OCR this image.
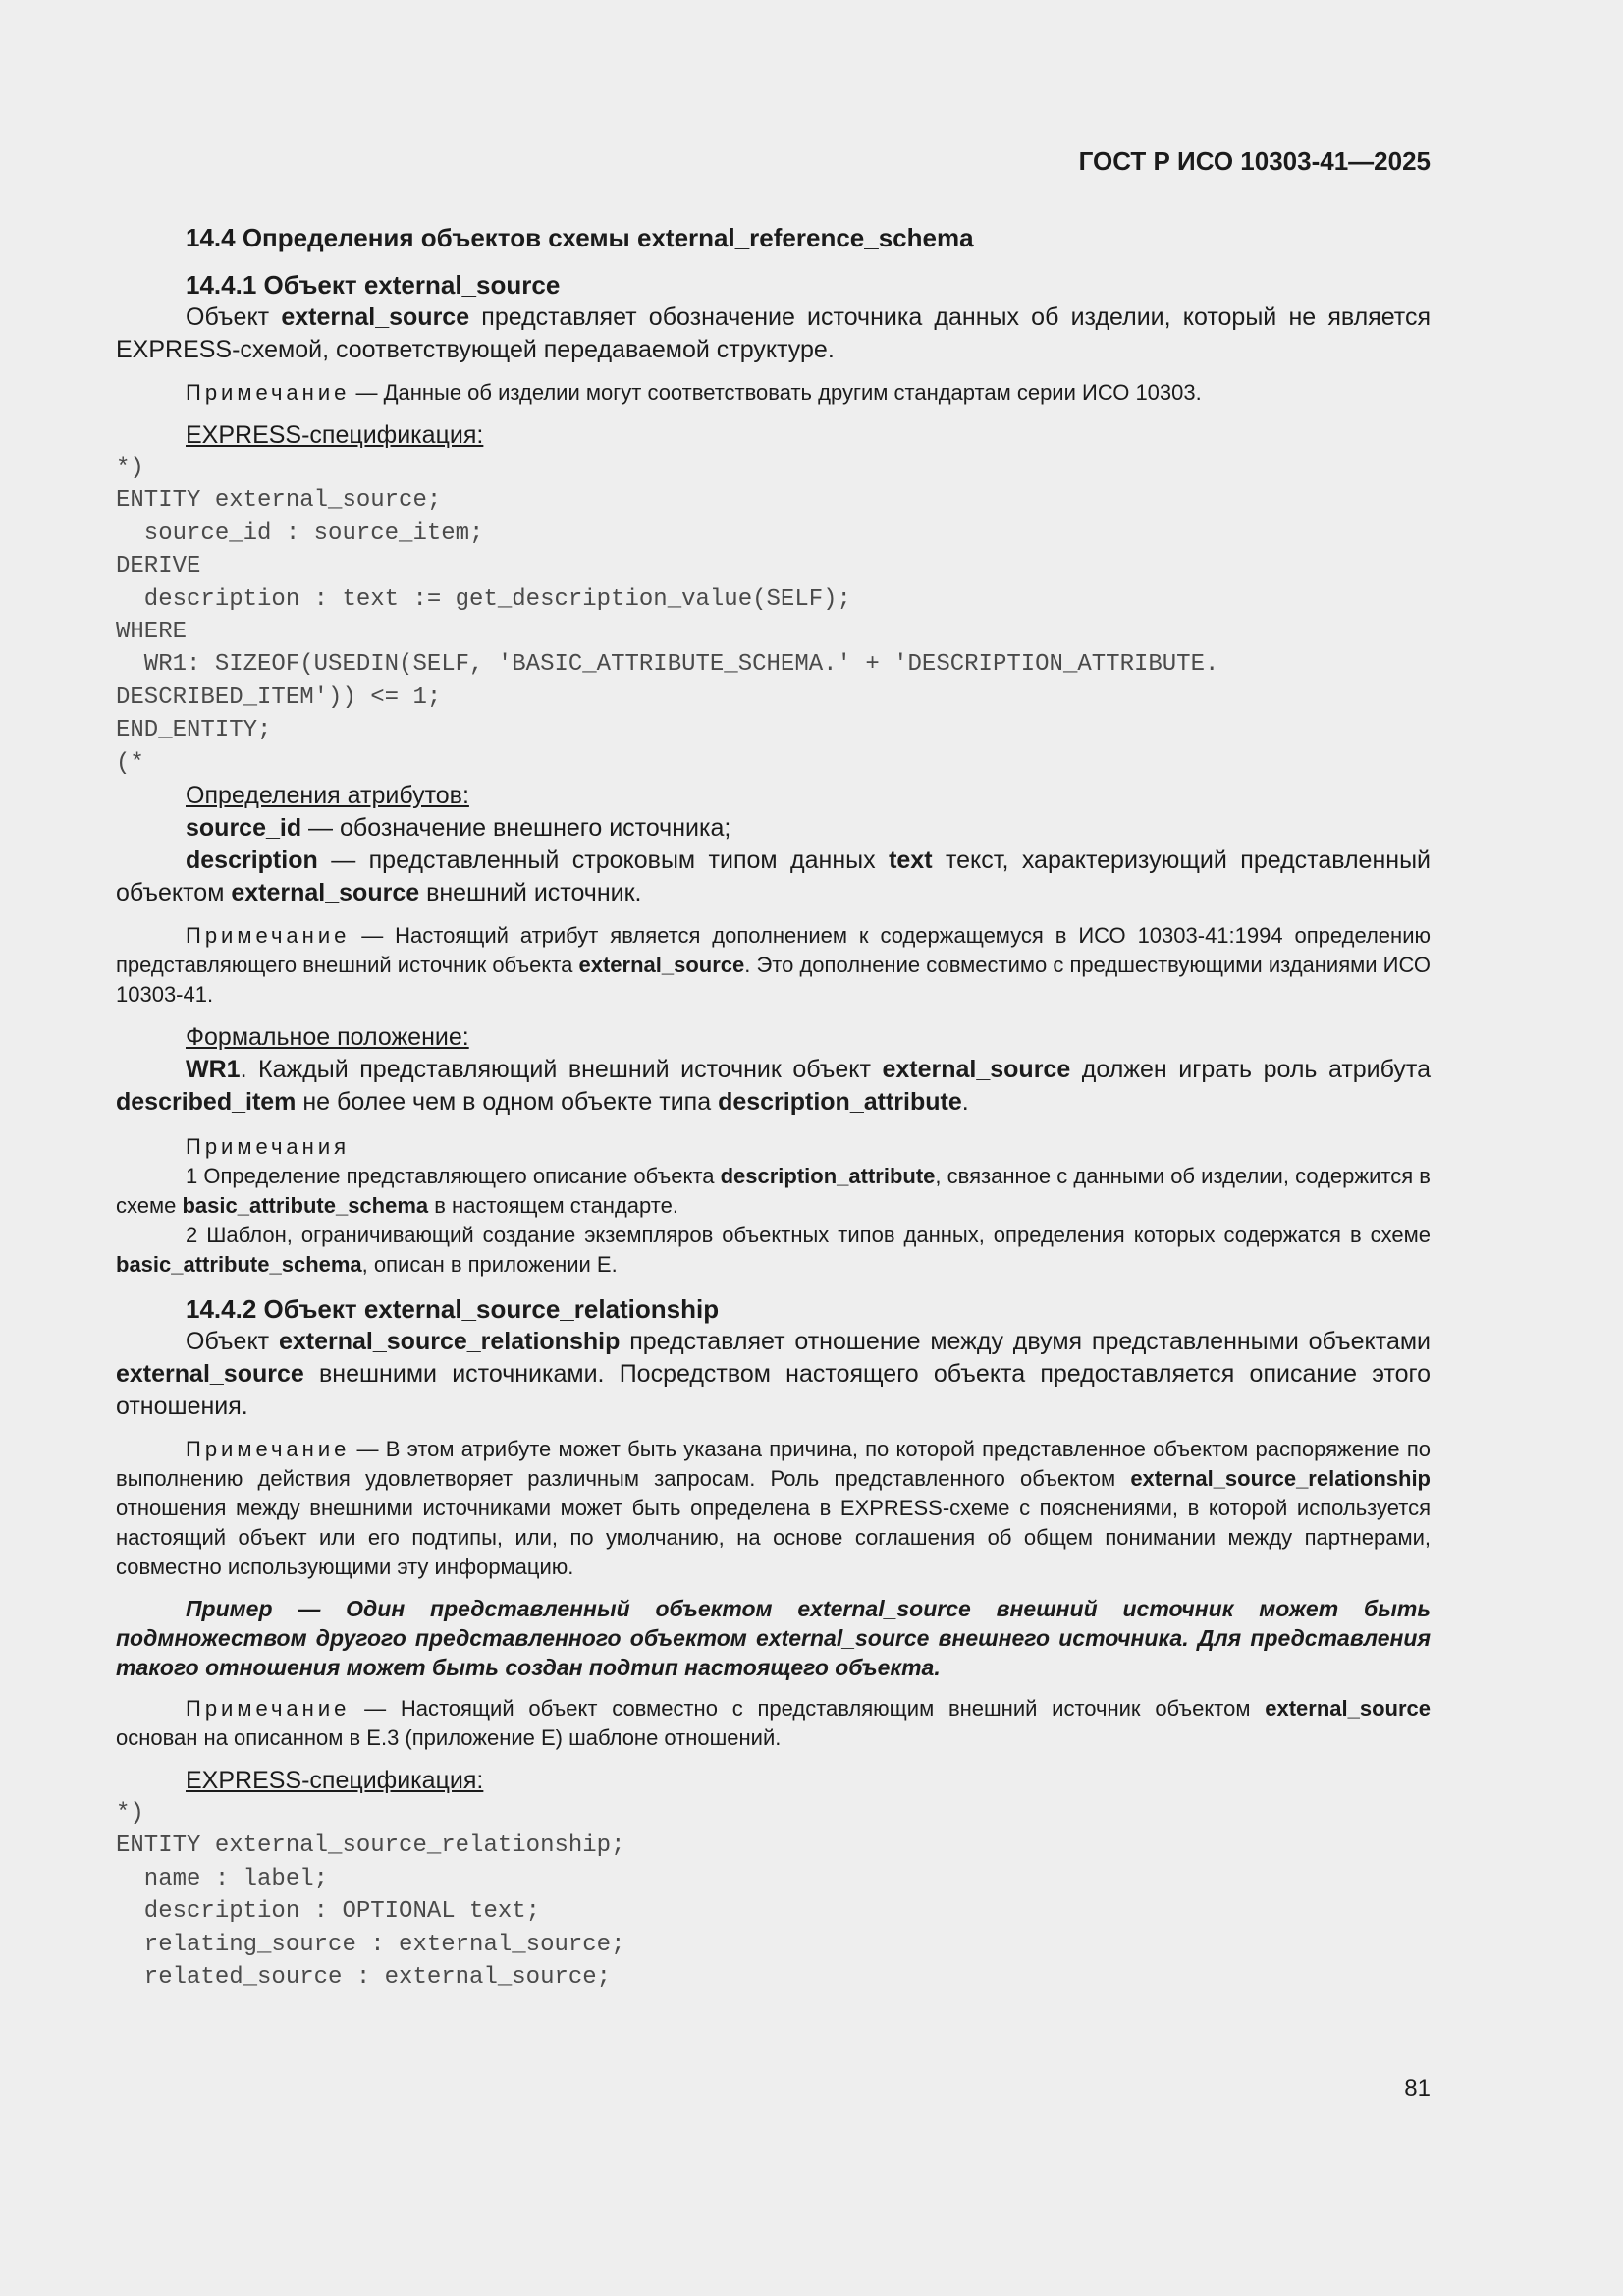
ГОСТ Р ИСО 10303-41—2025

14.4 Определения объектов схемы external_reference_schema

14.4.1 Объект external_source

Объект external_source представляет обозначение источника данных об изделии, который не является EXPRESS-схемой, соответствующей передаваемой структуре.

Примечание — Данные об изделии могут соответствовать другим стандартам серии ИСО 10303.

EXPRESS-спецификация:

*)
ENTITY external_source;
source_id : source_item;
DERIVE
description : text := get_description_value(SELF);
WHERE
WR1: SIZEOF(USEDIN(SELF, 'BASIC_ATTRIBUTE_SCHEMA.' + 'DESCRIPTION_ATTRIBUTE.
DESCRIBED_ITEM')) <= 1;
END_ENTITY;
(*

Определения атрибутов:

source_id — обозначение внешнего источника;

description — представленный строковым типом данных text текст, характеризующий представленный объектом external_source внешний источник.

Примечание — Настоящий атрибут является дополнением к содержащемуся в ИСО 10303-41:1994 определению представляющего внешний источник объекта external_source. Это дополнение совместимо с предшествующими изданиями ИСО 10303-41.

Формальное положение:

WR1. Каждый представляющий внешний источник объект external_source должен играть роль атрибута described_item не более чем в одном объекте типа description_attribute.

Примечания

1 Определение представляющего описание объекта description_attribute, связанное с данными об изделии, содержится в схеме basic_attribute_schema в настоящем стандарте.

2 Шаблон, ограничивающий создание экземпляров объектных типов данных, определения которых содержатся в схеме basic_attribute_schema, описан в приложении Е.

14.4.2 Объект external_source_relationship

Объект external_source_relationship представляет отношение между двумя представленными объектами external_source внешними источниками. Посредством настоящего объекта предоставляется описание этого отношения.

Примечание — В этом атрибуте может быть указана причина, по которой представленное объектом распоряжение по выполнению действия удовлетворяет различным запросам. Роль представленного объектом external_source_relationship отношения между внешними источниками может быть определена в EXPRESS-схеме с пояснениями, в которой используется настоящий объект или его подтипы, или, по умолчанию, на основе соглашения об общем понимании между партнерами, совместно использующими эту информацию.

Пример — Один представленный объектом external_source внешний источник может быть подмножеством другого представленного объектом external_source внешнего источника. Для представления такого отношения может быть создан подтип настоящего объекта.

Примечание — Настоящий объект совместно с представляющим внешний источник объектом external_source основан на описанном в Е.3 (приложение Е) шаблоне отношений.

EXPRESS-спецификация:

*)
ENTITY external_source_relationship;
name : label;
description : OPTIONAL text;
relating_source : external_source;
related_source : external_source;
81
